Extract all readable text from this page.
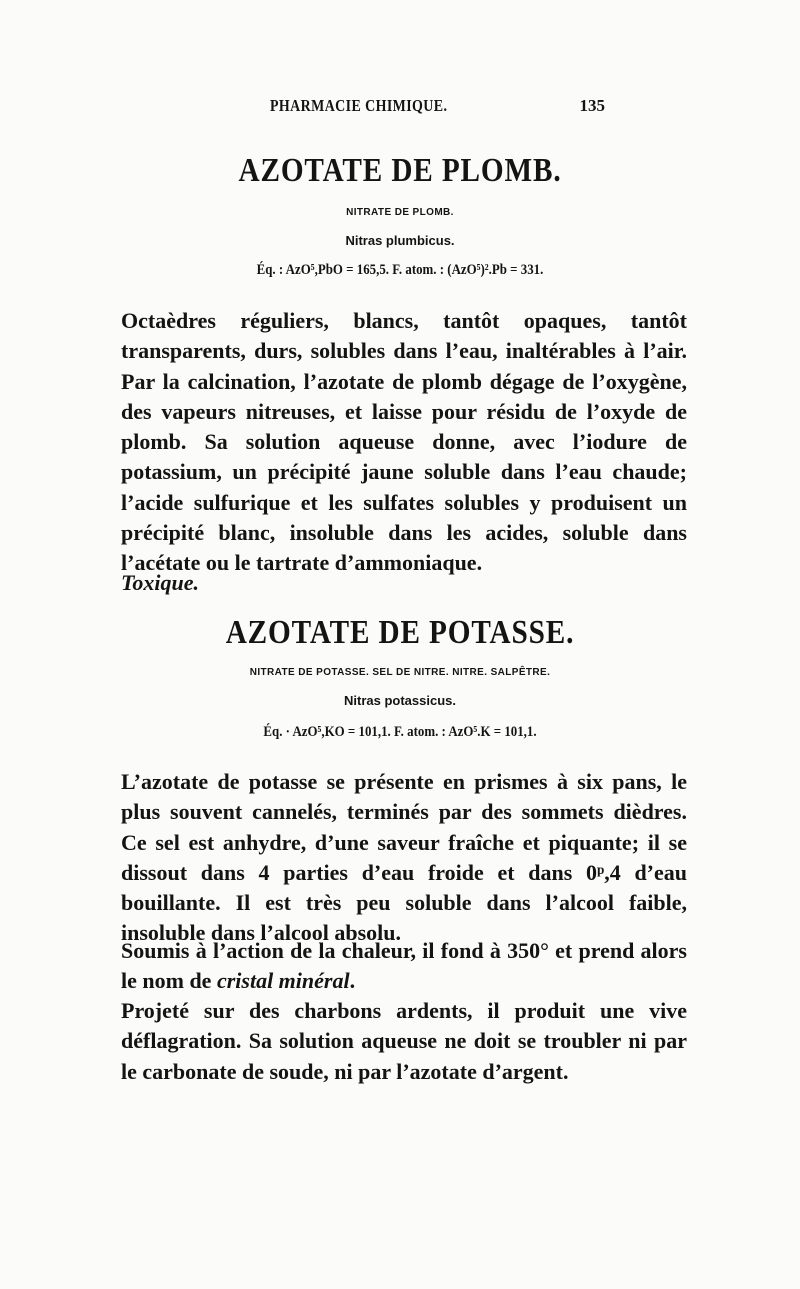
PHARMACIE CHIMIQUE.	135
AZOTATE DE PLOMB.
NITRATE DE PLOMB.
Nitras plumbicus.
Éq. : AzO⁵,PbO = 165,5. F. atom. : (AzO⁵)².Pb = 331.

Octaèdres réguliers, blancs, tantôt opaques, tantôt transparents, durs, solubles dans l’eau, inaltérables à l’air. Par la calcination, l’azotate de plomb dégage de l’oxygène, des vapeurs nitreuses, et laisse pour résidu de l’oxyde de plomb. Sa solution aqueuse donne, avec l’iodure de potassium, un précipité jaune soluble dans l’eau chaude; l’acide sulfurique et les sulfates solubles y produisent un précipité blanc, insoluble dans les acides, soluble dans l’acétate ou le tartrate d’ammoniaque.

Toxique.

AZOTATE DE POTASSE.
NITRATE DE POTASSE. SEL DE NITRE. NITRE. SALPÊTRE.
Nitras potassicus.
Éq. · AzO⁵,KO = 101,1. F. atom. : AzO⁵.K = 101,1.

L’azotate de potasse se présente en prismes à six pans, le plus souvent cannelés, terminés par des sommets dièdres. Ce sel est anhydre, d’une saveur fraîche et piquante; il se dissout dans 4 parties d’eau froide et dans 0ᵖ,4 d’eau bouillante. Il est très peu soluble dans l’alcool faible, insoluble dans l’alcool absolu.

Soumis à l’action de la chaleur, il fond à 350° et prend alors le nom de cristal minéral.

Projeté sur des charbons ardents, il produit une vive déflagration. Sa solution aqueuse ne doit se troubler ni par le carbonate de soude, ni par l’azotate d’argent.
